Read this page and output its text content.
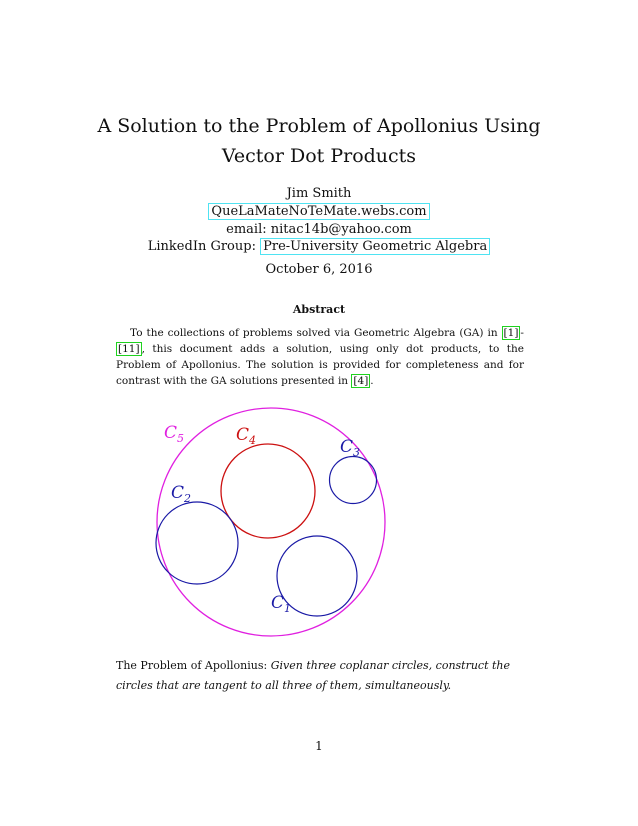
A Solution to the Problem of Apollonius Using
Vector Dot Products
Jim Smith
QueLaMateNoTeMate.webs.com
email: nitac14b@yahoo.com
LinkedIn Group: Pre-University Geometric Algebra
October 6, 2016
Abstract
To the collections of problems solved via Geometric Algebra (GA) in [1] -[11] , this document adds a solution, using only dot products, to the Problem of Apollonius. The solution is provided for completeness and for contrast with the GA solutions presented in [4] .
$C_5$	$C_4$	$C_3$
$C_2$
$C_1$
The Problem of Apollonius: Given three coplanar circles, construct the circles that are tangent to all three of them, simultaneously.
1
